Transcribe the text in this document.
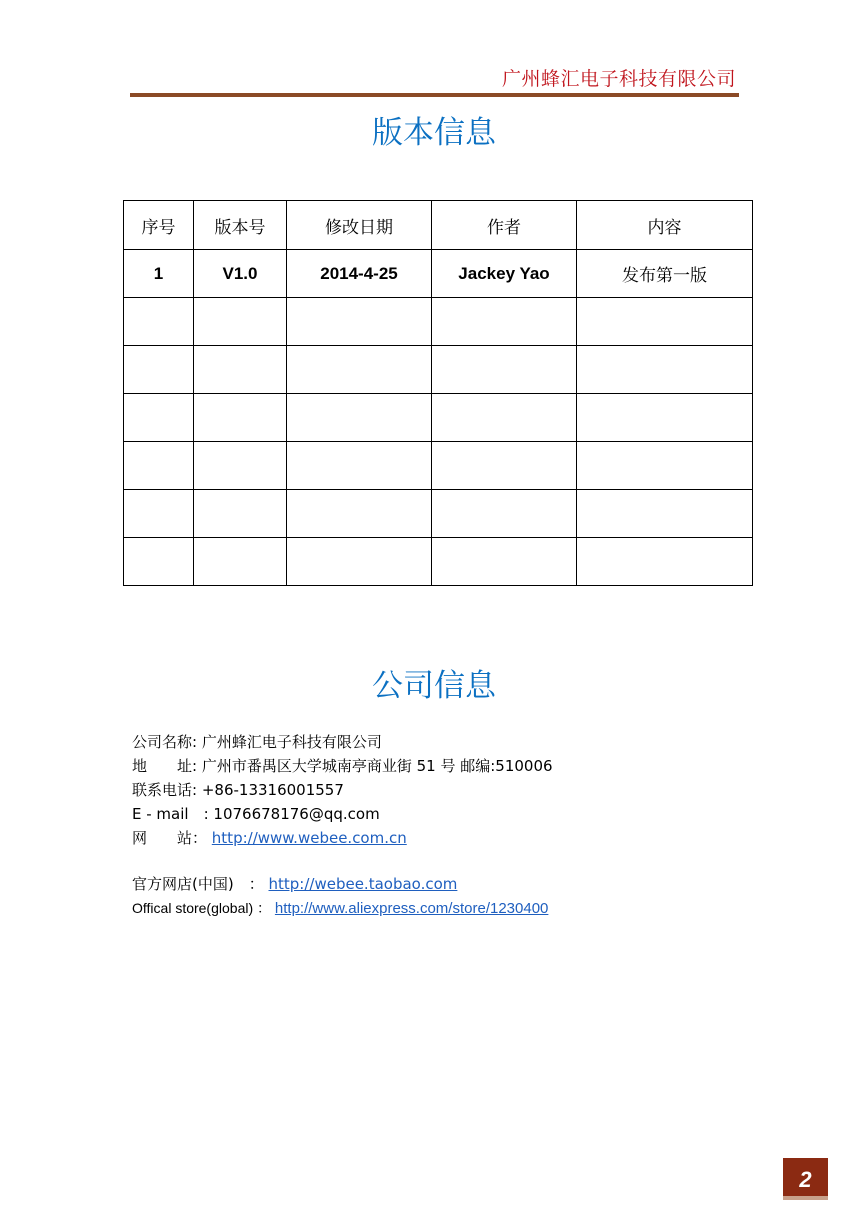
广州蜂汇电子科技有限公司
版本信息
序号	版本号	修改日期	作者	内容
1	V1.0	2014-4-25	Jackey Yao	发布第一版

公司信息
公司名称: 广州蜂汇电子科技有限公司
地　　址: 广州市番禺区大学城南亭商业街 51 号 邮编:510006
联系电话: +86-13316001557
E - mail　: 1076678176@qq.com
网　　站： http://www.webee.com.cn
官方网店(中国)　： http://webee.taobao.com
Offical store(global) ： http://www.aliexpress.com/store/1230400
2
